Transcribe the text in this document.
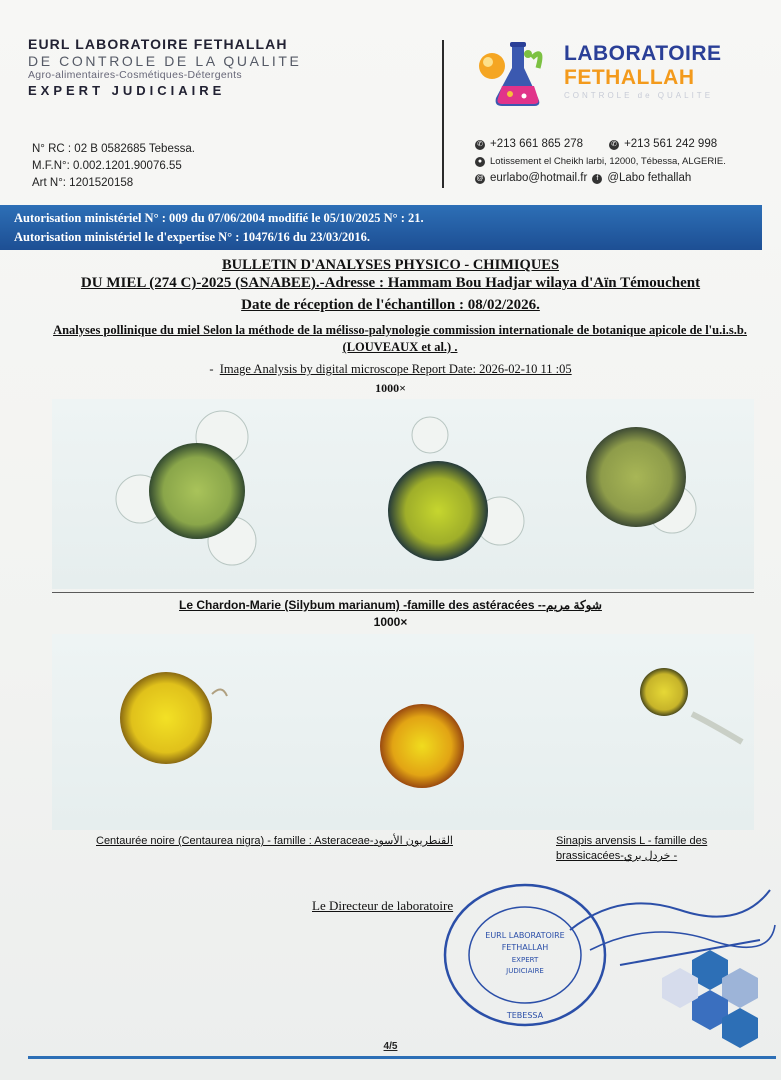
EURL LABORATOIRE FETHALLAH
DE CONTROLE DE LA QUALITE
Agro-alimentaires-Cosmétiques-Détergents
EXPERT JUDICIAIRE
N° RC : 02 B 0582685 Tebessa.
M.F.N°: 0.002.1201.90076.55
Art N°: 1201520158
LABORATOIRE
FETHALLAH
CONTROLE de QUALITE
✆ +213 661 865 278	✆ +213 561 242 998
● Lotissement el Cheikh larbi, 12000, Tébessa, ALGERIE.
@ eurlabo@hotmail.fr	f @Labo fethallah
Autorisation ministériel N° : 009 du 07/06/2004 modifié le 05/10/2025 N° : 21.
Autorisation ministériel le d'expertise N° : 10476/16 du 23/03/2016.
BULLETIN D'ANALYSES PHYSICO - CHIMIQUES
DU MIEL (274 C)-2025 (SANABEE).-Adresse : Hammam Bou Hadjar wilaya d'Aïn Témouchent
Date de réception de l'échantillon : 08/02/2026.
Analyses pollinique du miel Selon la méthode de la mélisso-palynologie commission internationale de botanique apicole de l'u.i.s.b. (LOUVEAUX et al.) .
-  Image Analysis by digital microscope Report Date: 2026-02-10 11 :05
1000×
Le Chardon-Marie (Silybum marianum) -famille des astéracées --شوكة مريم
1000×
Centaurée noire (Centaurea nigra) - famille : Asteraceae-القنطريون الأسود	Sinapis arvensis L - famille des
brassicacées-خردل بري -
Le Directeur de laboratoire
EURL LABORATOIRE
FETHALLAH
EXPERT
JUDICIAIRE
TEBESSA
4/5
